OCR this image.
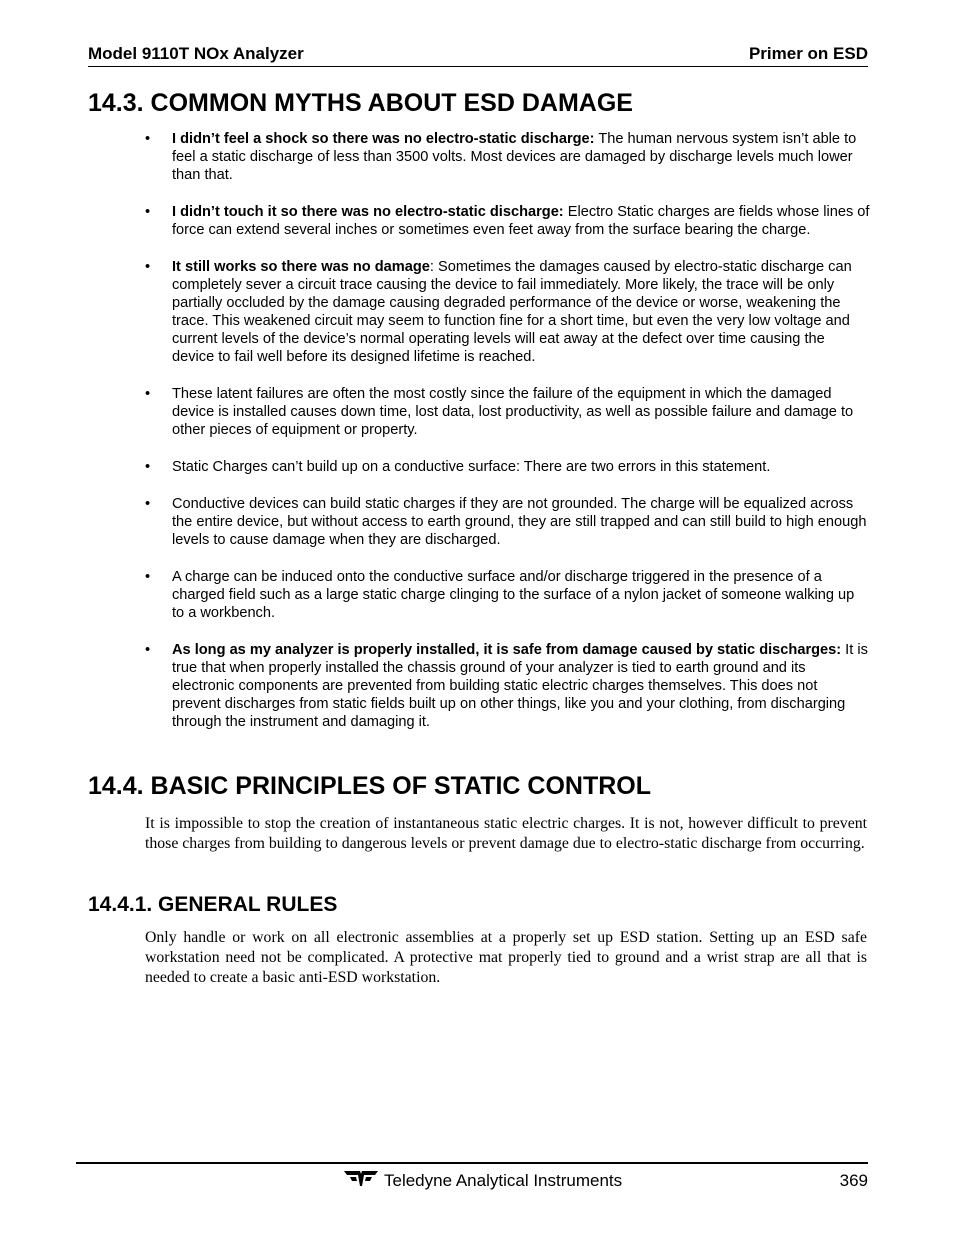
Model 9110T NOx Analyzer	Primer on ESD
14.3. COMMON MYTHS ABOUT ESD DAMAGE
• I didn’t feel a shock so there was no electro-static discharge: The human nervous system isn’t able to feel a static discharge of less than 3500 volts. Most devices are damaged by discharge levels much lower than that.
• I didn’t touch it so there was no electro-static discharge: Electro Static charges are fields whose lines of force can extend several inches or sometimes even feet away from the surface bearing the charge.
• It still works so there was no damage: Sometimes the damages caused by electro-static discharge can completely sever a circuit trace causing the device to fail immediately. More likely, the trace will be only partially occluded by the damage causing degraded performance of the device or worse, weakening the trace. This weakened circuit may seem to function fine for a short time, but even the very low voltage and current levels of the device’s normal operating levels will eat away at the defect over time causing the device to fail well before its designed lifetime is reached.
• These latent failures are often the most costly since the failure of the equipment in which the damaged device is installed causes down time, lost data, lost productivity, as well as possible failure and damage to other pieces of equipment or property.
• Static Charges can’t build up on a conductive surface: There are two errors in this statement.
• Conductive devices can build static charges if they are not grounded. The charge will be equalized across the entire device, but without access to earth ground, they are still trapped and can still build to high enough levels to cause damage when they are discharged.
• A charge can be induced onto the conductive surface and/or discharge triggered in the presence of a charged field such as a large static charge clinging to the surface of a nylon jacket of someone walking up to a workbench.
• As long as my analyzer is properly installed, it is safe from damage caused by static discharges: It is true that when properly installed the chassis ground of your analyzer is tied to earth ground and its electronic components are prevented from building static electric charges themselves. This does not prevent discharges from static fields built up on other things, like you and your clothing, from discharging through the instrument and damaging it.
14.4. BASIC PRINCIPLES OF STATIC CONTROL

It is impossible to stop the creation of instantaneous static electric charges. It is not, however difficult to prevent those charges from building to dangerous levels or prevent damage due to electro-static discharge from occurring.

14.4.1. GENERAL RULES

Only handle or work on all electronic assemblies at a properly set up ESD station. Setting up an ESD safe workstation need not be complicated. A protective mat properly tied to ground and a wrist strap are all that is needed to create a basic anti-ESD workstation.

Teledyne Analytical Instruments	369
